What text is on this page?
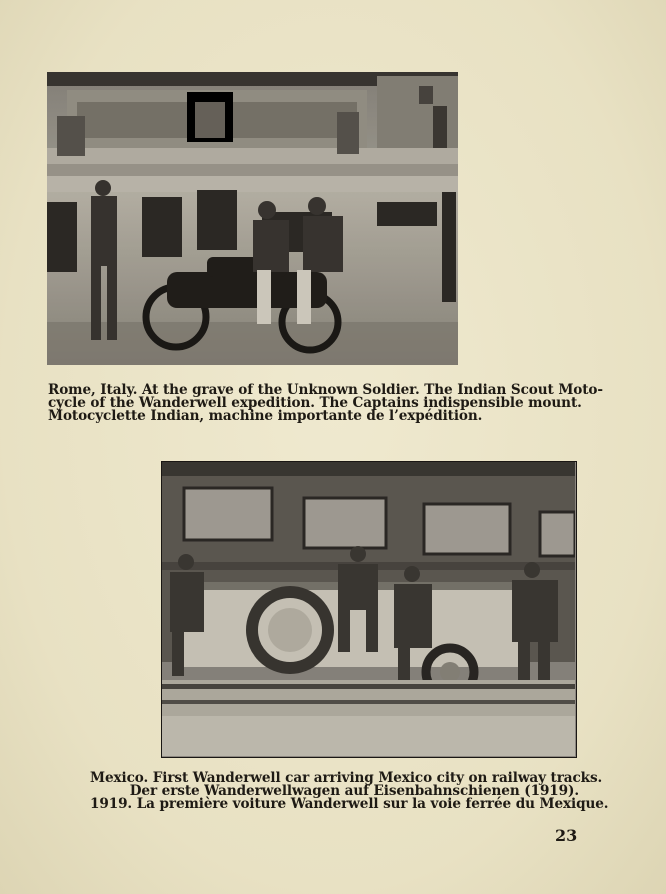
Rome, Italy. At the grave of the Unknown Soldier. The Indian Scout Moto-
cycle of the Wanderwell expedition. The Captains indispensible mount.
Motocyclette Indian, machine importante de l’expédition.
Mexico. First Wanderwell car arriving Mexico city on railway tracks.
Der erste Wanderwellwagen auf Eisenbahnschienen (1919).
1919. La première voiture Wanderwell sur la voie ferrée du Mexique.
23
